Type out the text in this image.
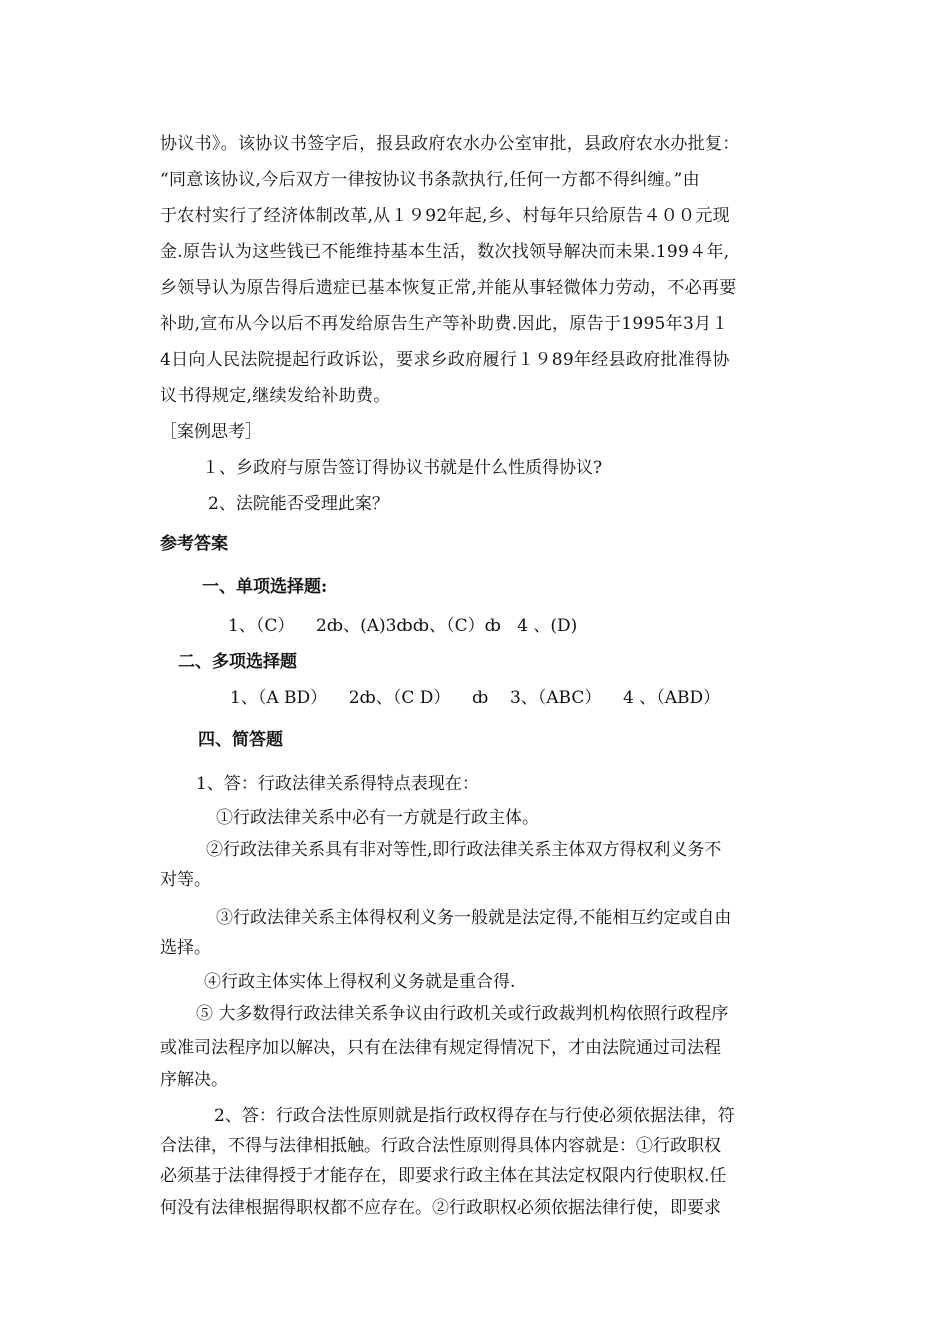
协议书》。该协议书签字后，报县政府农水办公室审批，县政府农水办批复：
“同意该协议,今后双方一律按协议书条款执行,任何一方都不得纠缠。”由
于农村实行了经济体制改革,从１９92年起,乡、村每年只给原告４００元现
金.原告认为这些钱已不能维持基本生活，数次找领导解决而未果.199４年,
乡领导认为原告得后遗症已基本恢复正常,并能从事轻微体力劳动，不必再要
补助,宣布从今以后不再发给原告生产等补助费.因此，原告于1995年3月１
4日向人民法院提起行政诉讼，要求乡政府履行１９89年经县政府批准得协
议书得规定,继续发给补助费。
［案例思考］
１、乡政府与原告签订得协议书就是什么性质得协议?
2、法院能否受理此案？
参考答案
一、单项选择题:
1、（C）    2ȸ、(A)3ȸȸ、（C）ȸ   4 、(D)
二、多项选择题
1、（A BD）    2ȸ、（C D）    ȸ    3、（ABC）    4 、（ABD）
四、简答题
1、答：行政法律关系得特点表现在：
①行政法律关系中必有一方就是行政主体。
②行政法律关系具有非对等性,即行政法律关系主体双方得权利义务不
对等。
③行政法律关系主体得权利义务一般就是法定得,不能相互约定或自由
选择。
④行政主体实体上得权利义务就是重合得.
⑤ 大多数得行政法律关系争议由行政机关或行政裁判机构依照行政程序
或准司法程序加以解决，只有在法律有规定得情况下，才由法院通过司法程
序解决。
2、答：行政合法性原则就是指行政权得存在与行使必须依据法律，符
合法律，不得与法律相抵触。行政合法性原则得具体内容就是：①行政职权
必须基于法律得授于才能存在，即要求行政主体在其法定权限内行使职权.任
何没有法律根据得职权都不应存在。②行政职权必须依据法律行使，即要求
